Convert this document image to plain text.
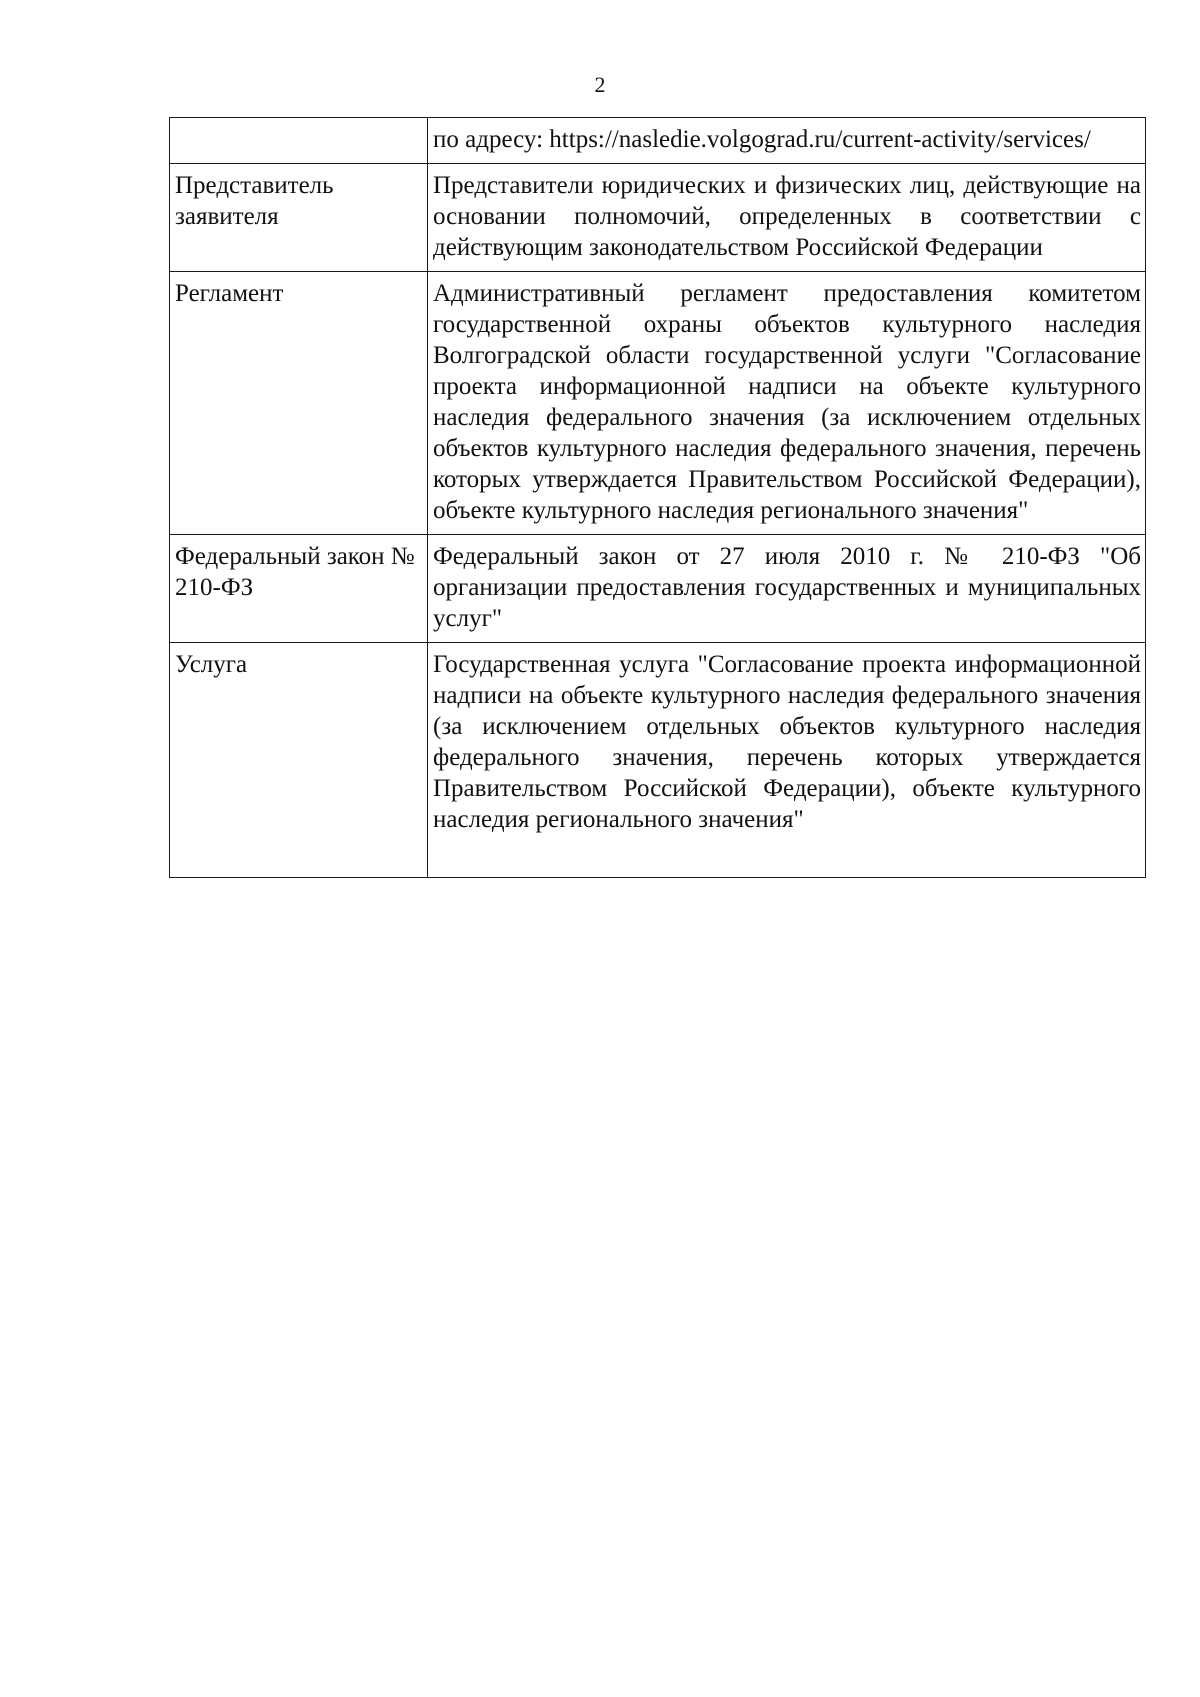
2
	по адресу: https://nasledie.volgograd.ru/current-activity/services/
Представитель заявителя	Представители юридических и физических лиц, действующие на основании полномочий, определенных в соответствии с действующим законодательством Российской Федерации
Регламент	Административный регламент предоставления комитетом государственной охраны объектов культурного наследия Волгоградской области государственной услуги "Согласование проекта информационной надписи на объекте культурного наследия федерального значения (за исключением отдельных объектов культурного наследия федерального значения, перечень которых утверждается Правительством Российской Федерации), объекте культурного наследия регионального значения"
Федеральный закон № 210-ФЗ	Федеральный закон от 27 июля 2010 г. № 210-ФЗ "Об организации предоставления государственных и муниципальных услуг"
Услуга	Государственная услуга "Согласование проекта информационной надписи на объекте культурного наследия федерального значения (за исключением отдельных объектов культурного наследия федерального значения, перечень которых утверждается Правительством Российской Федерации), объекте культурного наследия регионального значения"
